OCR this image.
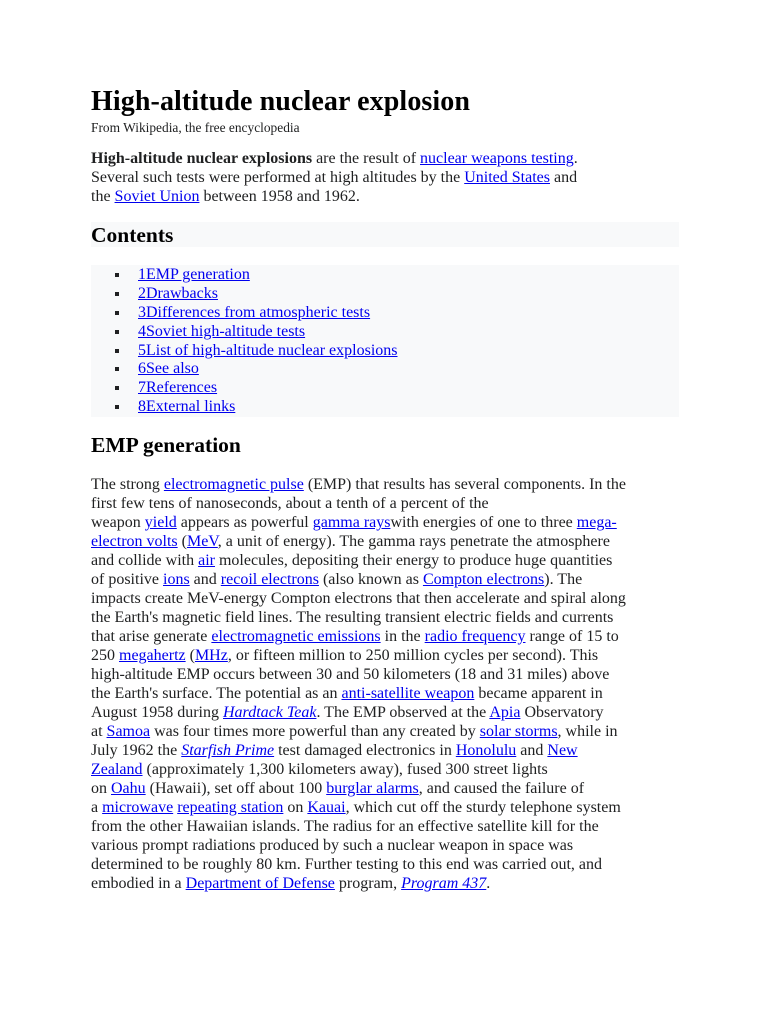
High-altitude nuclear explosion
From Wikipedia, the free encyclopedia
High-altitude nuclear explosions are the result of nuclear weapons testing.
Several such tests were performed at high altitudes by the United States and
the Soviet Union between 1958 and 1962.
Contents
1EMP generation
2Drawbacks
3Differences from atmospheric tests
4Soviet high-altitude tests
5List of high-altitude nuclear explosions
6See also
7References
8External links
EMP generation
The strong electromagnetic pulse (EMP) that results has several components. In the
first few tens of nanoseconds, about a tenth of a percent of the
weapon yield appears as powerful gamma rayswith energies of one to three mega-
electron volts (MeV, a unit of energy). The gamma rays penetrate the atmosphere
and collide with air molecules, depositing their energy to produce huge quantities
of positive ions and recoil electrons (also known as Compton electrons). The
impacts create MeV-energy Compton electrons that then accelerate and spiral along
the Earth's magnetic field lines. The resulting transient electric fields and currents
that arise generate electromagnetic emissions in the radio frequency range of 15 to
250 megahertz (MHz, or fifteen million to 250 million cycles per second). This
high-altitude EMP occurs between 30 and 50 kilometers (18 and 31 miles) above
the Earth's surface. The potential as an anti-satellite weapon became apparent in
August 1958 during Hardtack Teak. The EMP observed at the Apia Observatory
at Samoa was four times more powerful than any created by solar storms, while in
July 1962 the Starfish Prime test damaged electronics in Honolulu and New
Zealand (approximately 1,300 kilometers away), fused 300 street lights
on Oahu (Hawaii), set off about 100 burglar alarms, and caused the failure of
a microwave repeating station on Kauai, which cut off the sturdy telephone system
from the other Hawaiian islands. The radius for an effective satellite kill for the
various prompt radiations produced by such a nuclear weapon in space was
determined to be roughly 80 km. Further testing to this end was carried out, and
embodied in a Department of Defense program, Program 437.
